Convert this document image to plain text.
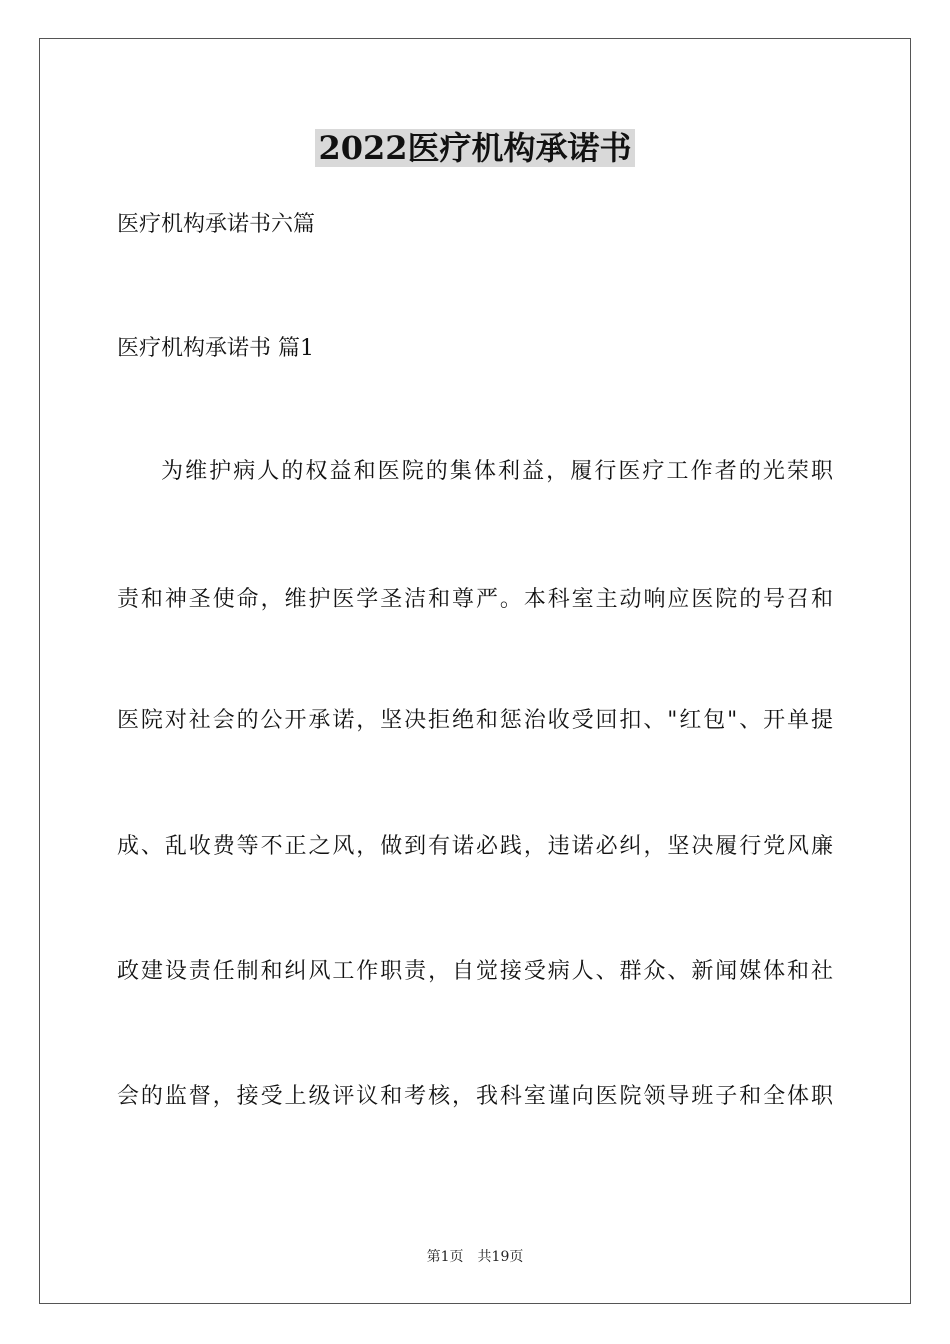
2022医疗机构承诺书
医疗机构承诺书六篇
医疗机构承诺书 篇1
为维护病人的权益和医院的集体利益，履行医疗工作者的光荣职
责和神圣使命，维护医学圣洁和尊严。本科室主动响应医院的号召和
医院对社会的公开承诺，坚决拒绝和惩治收受回扣、"红包"、开单提
成、乱收费等不正之风，做到有诺必践，违诺必纠，坚决履行党风廉
政建设责任制和纠风工作职责，自觉接受病人、群众、新闻媒体和社
会的监督，接受上级评议和考核，我科室谨向医院领导班子和全体职
第1页　共19页
